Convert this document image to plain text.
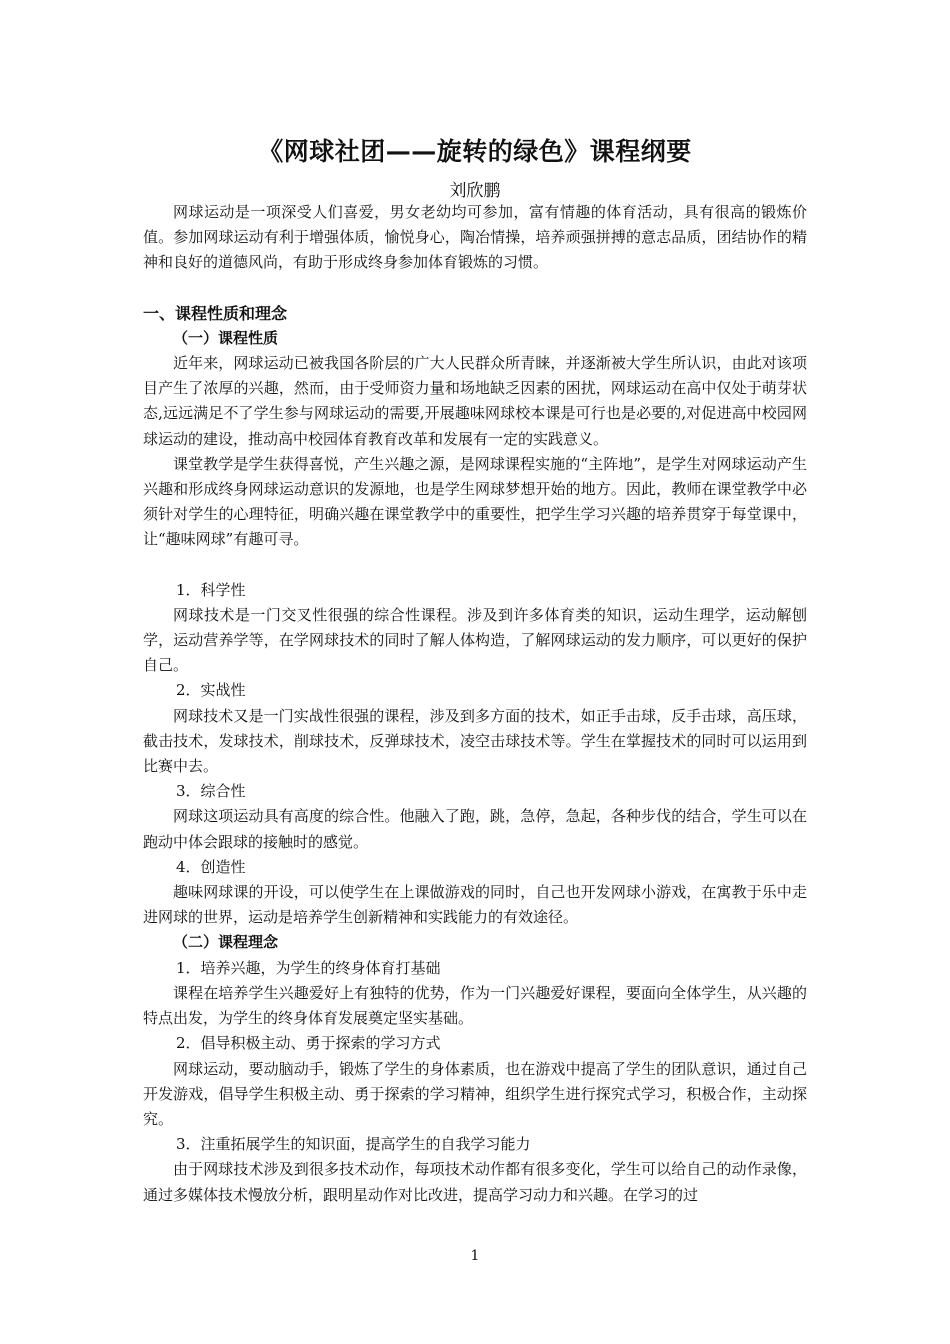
《网球社团——旋转的绿色》课程纲要
刘欣鹏

网球运动是一项深受人们喜爱，男女老幼均可参加，富有情趣的体育活动，具有很高的锻炼价值。参加网球运动有利于增强体质，愉悦身心，陶冶情操，培养顽强拼搏的意志品质，团结协作的精神和良好的道德风尚，有助于形成终身参加体育锻炼的习惯。

一、课程性质和理念

（一）课程性质

近年来，网球运动已被我国各阶层的广大人民群众所青睐，并逐渐被大学生所认识，由此对该项目产生了浓厚的兴趣，然而，由于受师资力量和场地缺乏因素的困扰，网球运动在高中仅处于萌芽状态,远远满足不了学生参与网球运动的需要,开展趣味网球校本课是可行也是必要的,对促进高中校园网球运动的建设，推动高中校园体育教育改革和发展有一定的实践意义。

课堂教学是学生获得喜悦，产生兴趣之源，是网球课程实施的“主阵地”，是学生对网球运动产生兴趣和形成终身网球运动意识的发源地，也是学生网球梦想开始的地方。因此，教师在课堂教学中必须针对学生的心理特征，明确兴趣在课堂教学中的重要性，把学生学习兴趣的培养贯穿于每堂课中，让“趣味网球”有趣可寻。

1．科学性

网球技术是一门交叉性很强的综合性课程。涉及到许多体育类的知识，运动生理学，运动解刨学，运动营养学等，在学网球技术的同时了解人体构造，了解网球运动的发力顺序，可以更好的保护自己。

2．实战性

网球技术又是一门实战性很强的课程，涉及到多方面的技术，如正手击球，反手击球，高压球，截击技术，发球技术，削球技术，反弹球技术，凌空击球技术等。学生在掌握技术的同时可以运用到比赛中去。

3．综合性

网球这项运动具有高度的综合性。他融入了跑，跳，急停，急起，各种步伐的结合，学生可以在跑动中体会跟球的接触时的感觉。

4．创造性

趣味网球课的开设，可以使学生在上课做游戏的同时，自己也开发网球小游戏，在寓教于乐中走进网球的世界，运动是培养学生创新精神和实践能力的有效途径。

（二）课程理念

1．培养兴趣，为学生的终身体育打基础

课程在培养学生兴趣爱好上有独特的优势，作为一门兴趣爱好课程，要面向全体学生，从兴趣的特点出发，为学生的终身体育发展奠定坚实基础。

2．倡导积极主动、勇于探索的学习方式

网球运动，要动脑动手，锻炼了学生的身体素质，也在游戏中提高了学生的团队意识，通过自己开发游戏，倡导学生积极主动、勇于探索的学习精神，组织学生进行探究式学习，积极合作，主动探究。

3．注重拓展学生的知识面，提高学生的自我学习能力

由于网球技术涉及到很多技术动作，每项技术动作都有很多变化，学生可以给自己的动作录像，通过多媒体技术慢放分析，跟明星动作对比改进，提高学习动力和兴趣。在学习的过

1
